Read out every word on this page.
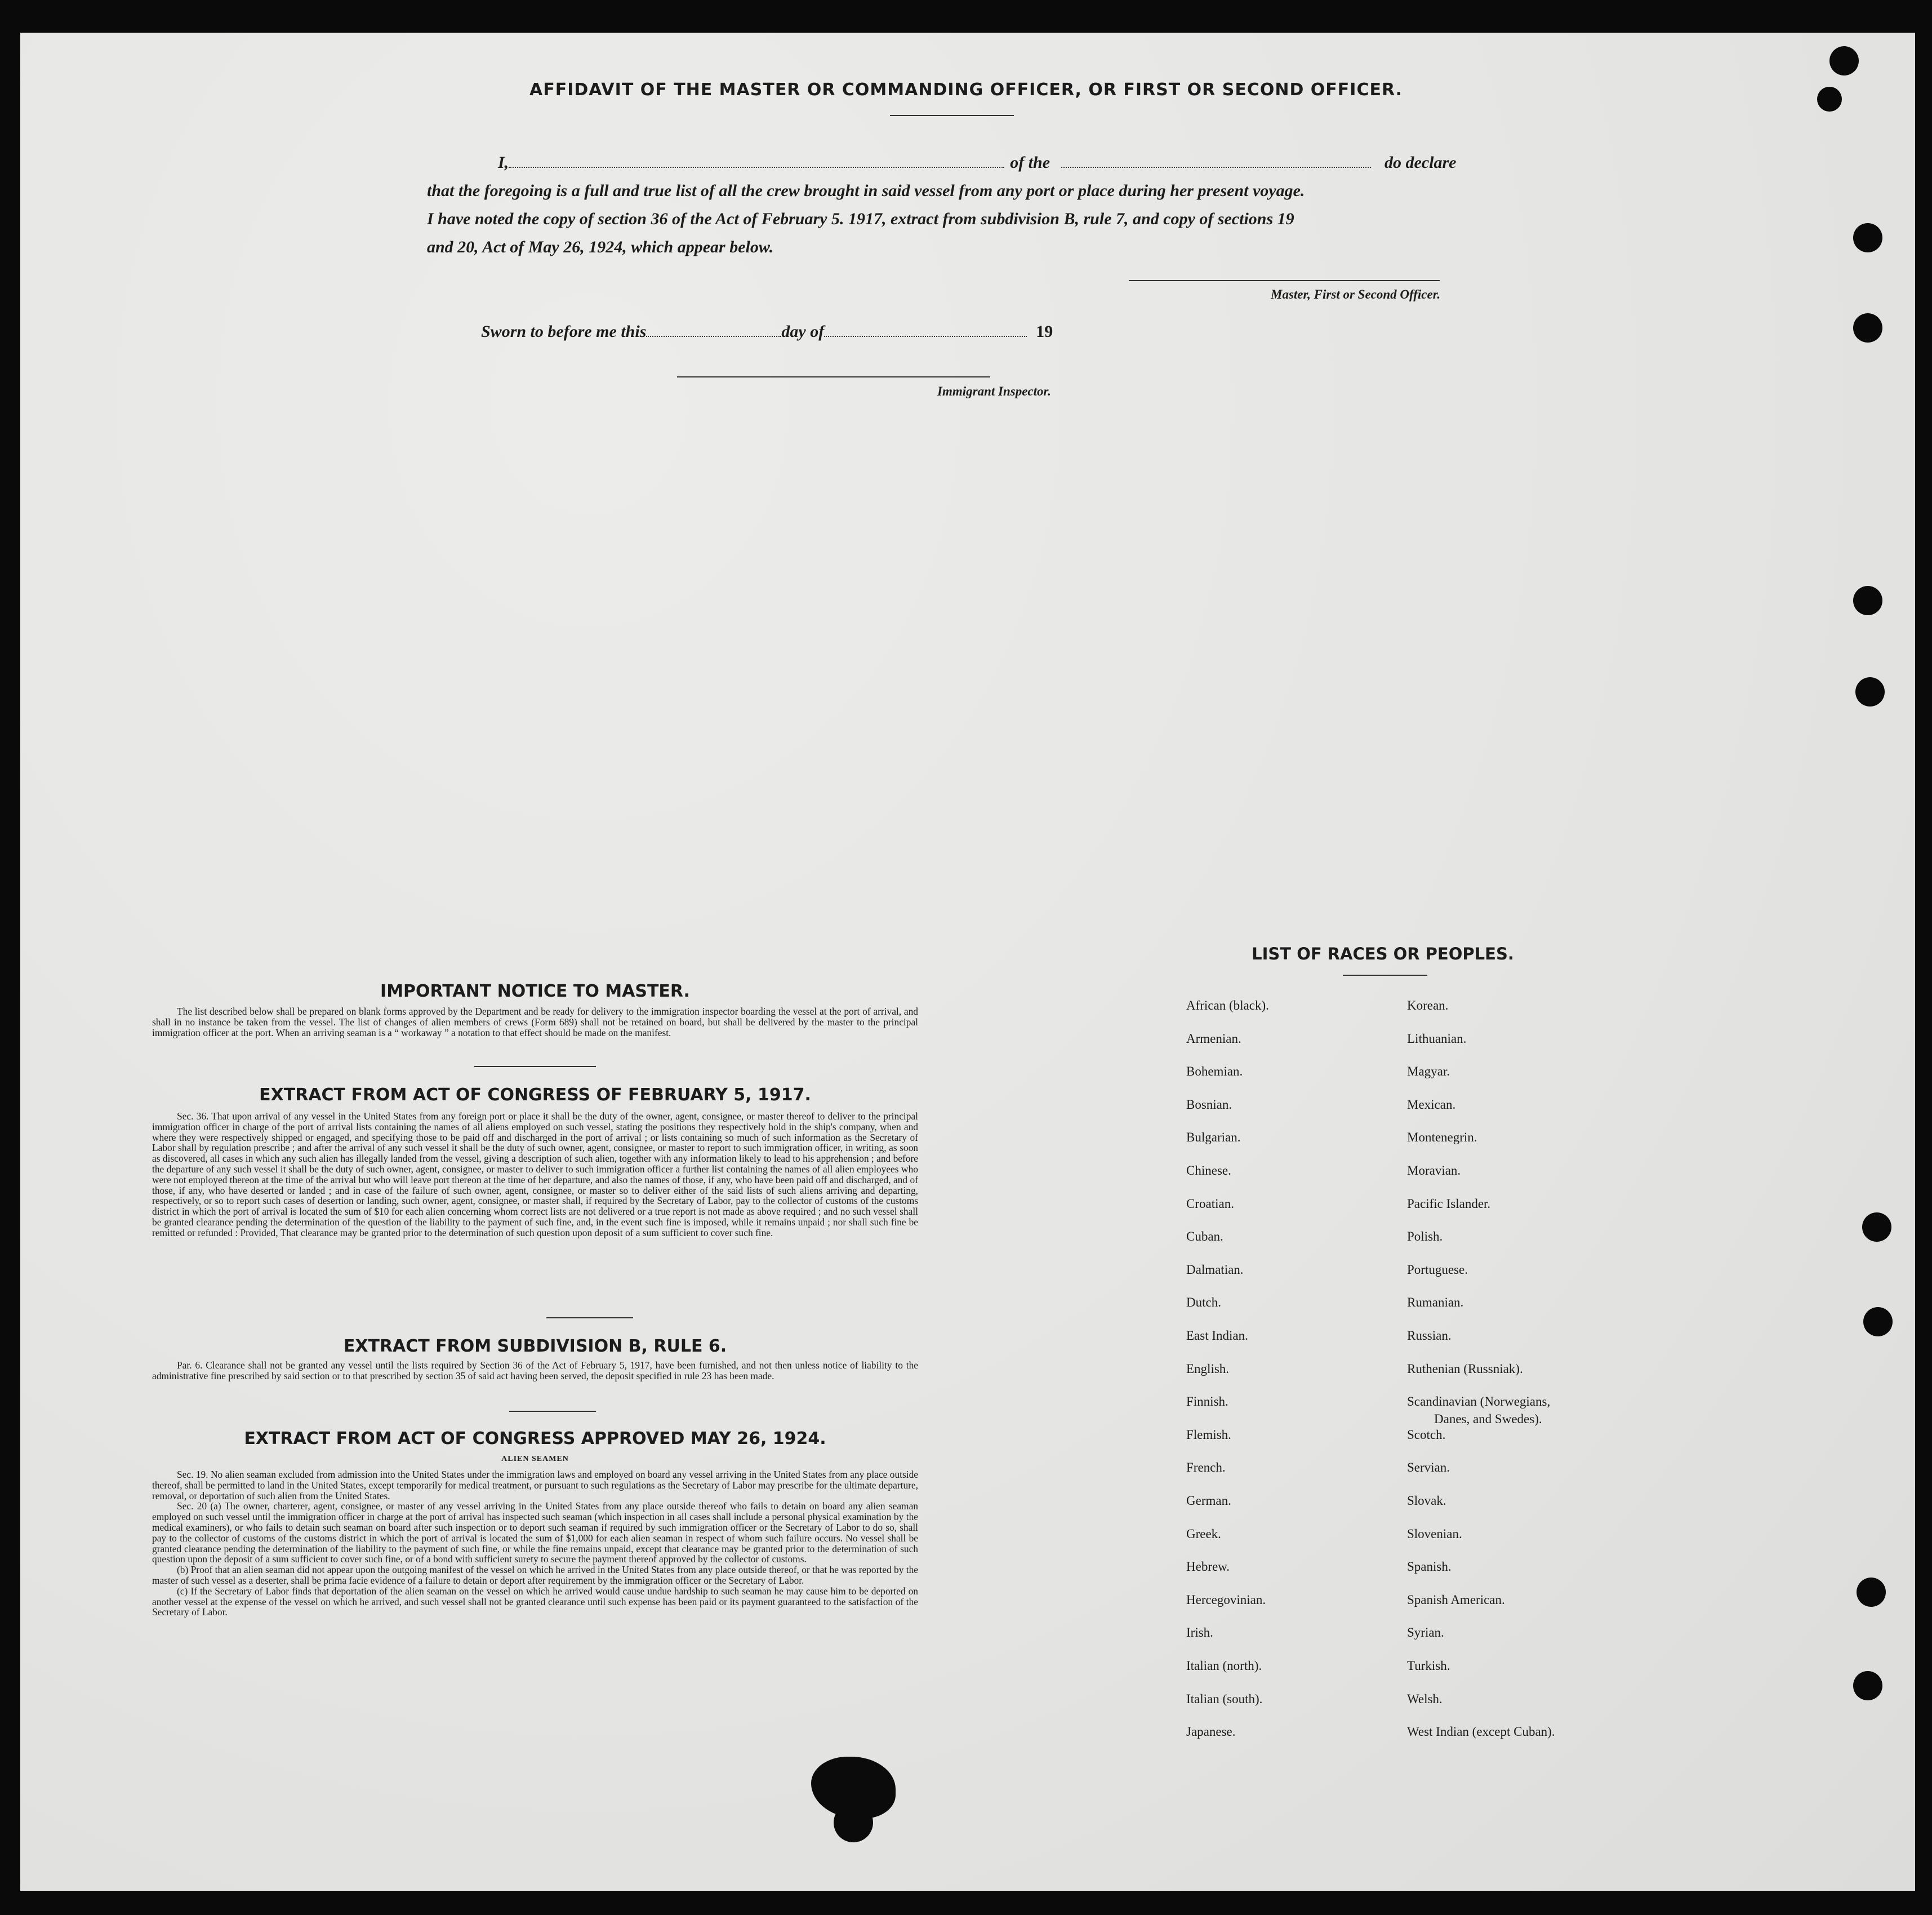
AFFIDAVIT OF THE MASTER OR COMMANDING OFFICER, OR FIRST OR SECOND OFFICER.
I,	of the	do declare
that the foregoing is a full and true list of all the crew brought in said vessel from any port or place during her present voyage.
I have noted the copy of section 36 of the Act of February 5. 1917, extract from subdivision B, rule 7, and copy of sections 19
and 20, Act of May 26, 1924, which appear below.
Master, First or Second Officer.
Sworn to before me this	day of	19
Immigrant Inspector.
IMPORTANT NOTICE TO MASTER.

The list described below shall be prepared on blank forms approved by the Department and be ready for delivery to the immigration inspector boarding the vessel at the port of arrival, and shall in no instance be taken from the vessel. The list of changes of alien members of crews (Form 689) shall not be retained on board, but shall be delivered by the master to the principal immigration officer at the port. When an arriving seaman is a “ workaway ” a notation to that effect should be made on the manifest.

EXTRACT FROM ACT OF CONGRESS OF FEBRUARY 5, 1917.

Sec. 36. That upon arrival of any vessel in the United States from any foreign port or place it shall be the duty of the owner, agent, consignee, or master thereof to deliver to the principal immigration officer in charge of the port of arrival lists containing the names of all aliens employed on such vessel, stating the positions they respectively hold in the ship's company, when and where they were respectively shipped or engaged, and specifying those to be paid off and discharged in the port of arrival ; or lists containing so much of such information as the Secretary of Labor shall by regulation prescribe ; and after the arrival of any such vessel it shall be the duty of such owner, agent, consignee, or master to report to such immigration officer, in writing, as soon as discovered, all cases in which any such alien has illegally landed from the vessel, giving a description of such alien, together with any information likely to lead to his apprehension ; and before the departure of any such vessel it shall be the duty of such owner, agent, consignee, or master to deliver to such immigration officer a further list containing the names of all alien employees who were not employed thereon at the time of the arrival but who will leave port thereon at the time of her departure, and also the names of those, if any, who have been paid off and discharged, and of those, if any, who have deserted or landed ; and in case of the failure of such owner, agent, consignee, or master so to deliver either of the said lists of such aliens arriving and departing, respectively, or so to report such cases of desertion or landing, such owner, agent, consignee, or master shall, if required by the Secretary of Labor, pay to the collector of customs of the customs district in which the port of arrival is located the sum of $10 for each alien concerning whom correct lists are not delivered or a true report is not made as above required ; and no such vessel shall be granted clearance pending the determination of the question of the liability to the payment of such fine, and, in the event such fine is imposed, while it remains unpaid ; nor shall such fine be remitted or refunded : Provided, That clearance may be granted prior to the determination of such question upon deposit of a sum sufficient to cover such fine.

EXTRACT FROM SUBDIVISION B, RULE 6.

Par. 6. Clearance shall not be granted any vessel until the lists required by Section 36 of the Act of February 5, 1917, have been furnished, and not then unless notice of liability to the administrative fine prescribed by said section or to that prescribed by section 35 of said act having been served, the deposit specified in rule 23 has been made.

EXTRACT FROM ACT OF CONGRESS APPROVED MAY 26, 1924.
ALIEN SEAMEN

Sec. 19. No alien seaman excluded from admission into the United States under the immigration laws and employed on board any vessel arriving in the United States from any place outside thereof, shall be permitted to land in the United States, except temporarily for medical treatment, or pursuant to such regulations as the Secretary of Labor may prescribe for the ultimate departure, removal, or deportation of such alien from the United States.

Sec. 20 (a) The owner, charterer, agent, consignee, or master of any vessel arriving in the United States from any place outside thereof who fails to detain on board any alien seaman employed on such vessel until the immigration officer in charge at the port of arrival has inspected such seaman (which inspection in all cases shall include a personal physical examination by the medical examiners), or who fails to detain such seaman on board after such inspection or to deport such seaman if required by such immigration officer or the Secretary of Labor to do so, shall pay to the collector of customs of the customs district in which the port of arrival is located the sum of $1,000 for each alien seaman in respect of whom such failure occurs. No vessel shall be granted clearance pending the determination of the liability to the payment of such fine, or while the fine remains unpaid, except that clearance may be granted prior to the determination of such question upon the deposit of a sum sufficient to cover such fine, or of a bond with sufficient surety to secure the payment thereof approved by the collector of customs.

(b) Proof that an alien seaman did not appear upon the outgoing manifest of the vessel on which he arrived in the United States from any place outside thereof, or that he was reported by the master of such vessel as a deserter, shall be prima facie evidence of a failure to detain or deport after requirement by the immigration officer or the Secretary of Labor.

(c) If the Secretary of Labor finds that deportation of the alien seaman on the vessel on which he arrived would cause undue hardship to such seaman he may cause him to be deported on another vessel at the expense of the vessel on which he arrived, and such vessel shall not be granted clearance until such expense has been paid or its payment guaranteed to the satisfaction of the Secretary of Labor.

LIST OF RACES OR PEOPLES.
African (black).
Armenian.
Bohemian.
Bosnian.
Bulgarian.
Chinese.
Croatian.
Cuban.
Dalmatian.
Dutch.
East Indian.
English.
Finnish.
Flemish.
French.
German.
Greek.
Hebrew.
Hercegovinian.
Irish.
Italian (north).
Italian (south).
Japanese.
Korean.
Lithuanian.
Magyar.
Mexican.
Montenegrin.
Moravian.
Pacific Islander.
Polish.
Portuguese.
Rumanian.
Russian.
Ruthenian (Russniak).
Scandinavian (Norwegians,
Scotch.
Servian.
Slovak.
Slovenian.
Spanish.
Spanish American.
Syrian.
Turkish.
Welsh.
West Indian (except Cuban).
Danes, and Swedes).
